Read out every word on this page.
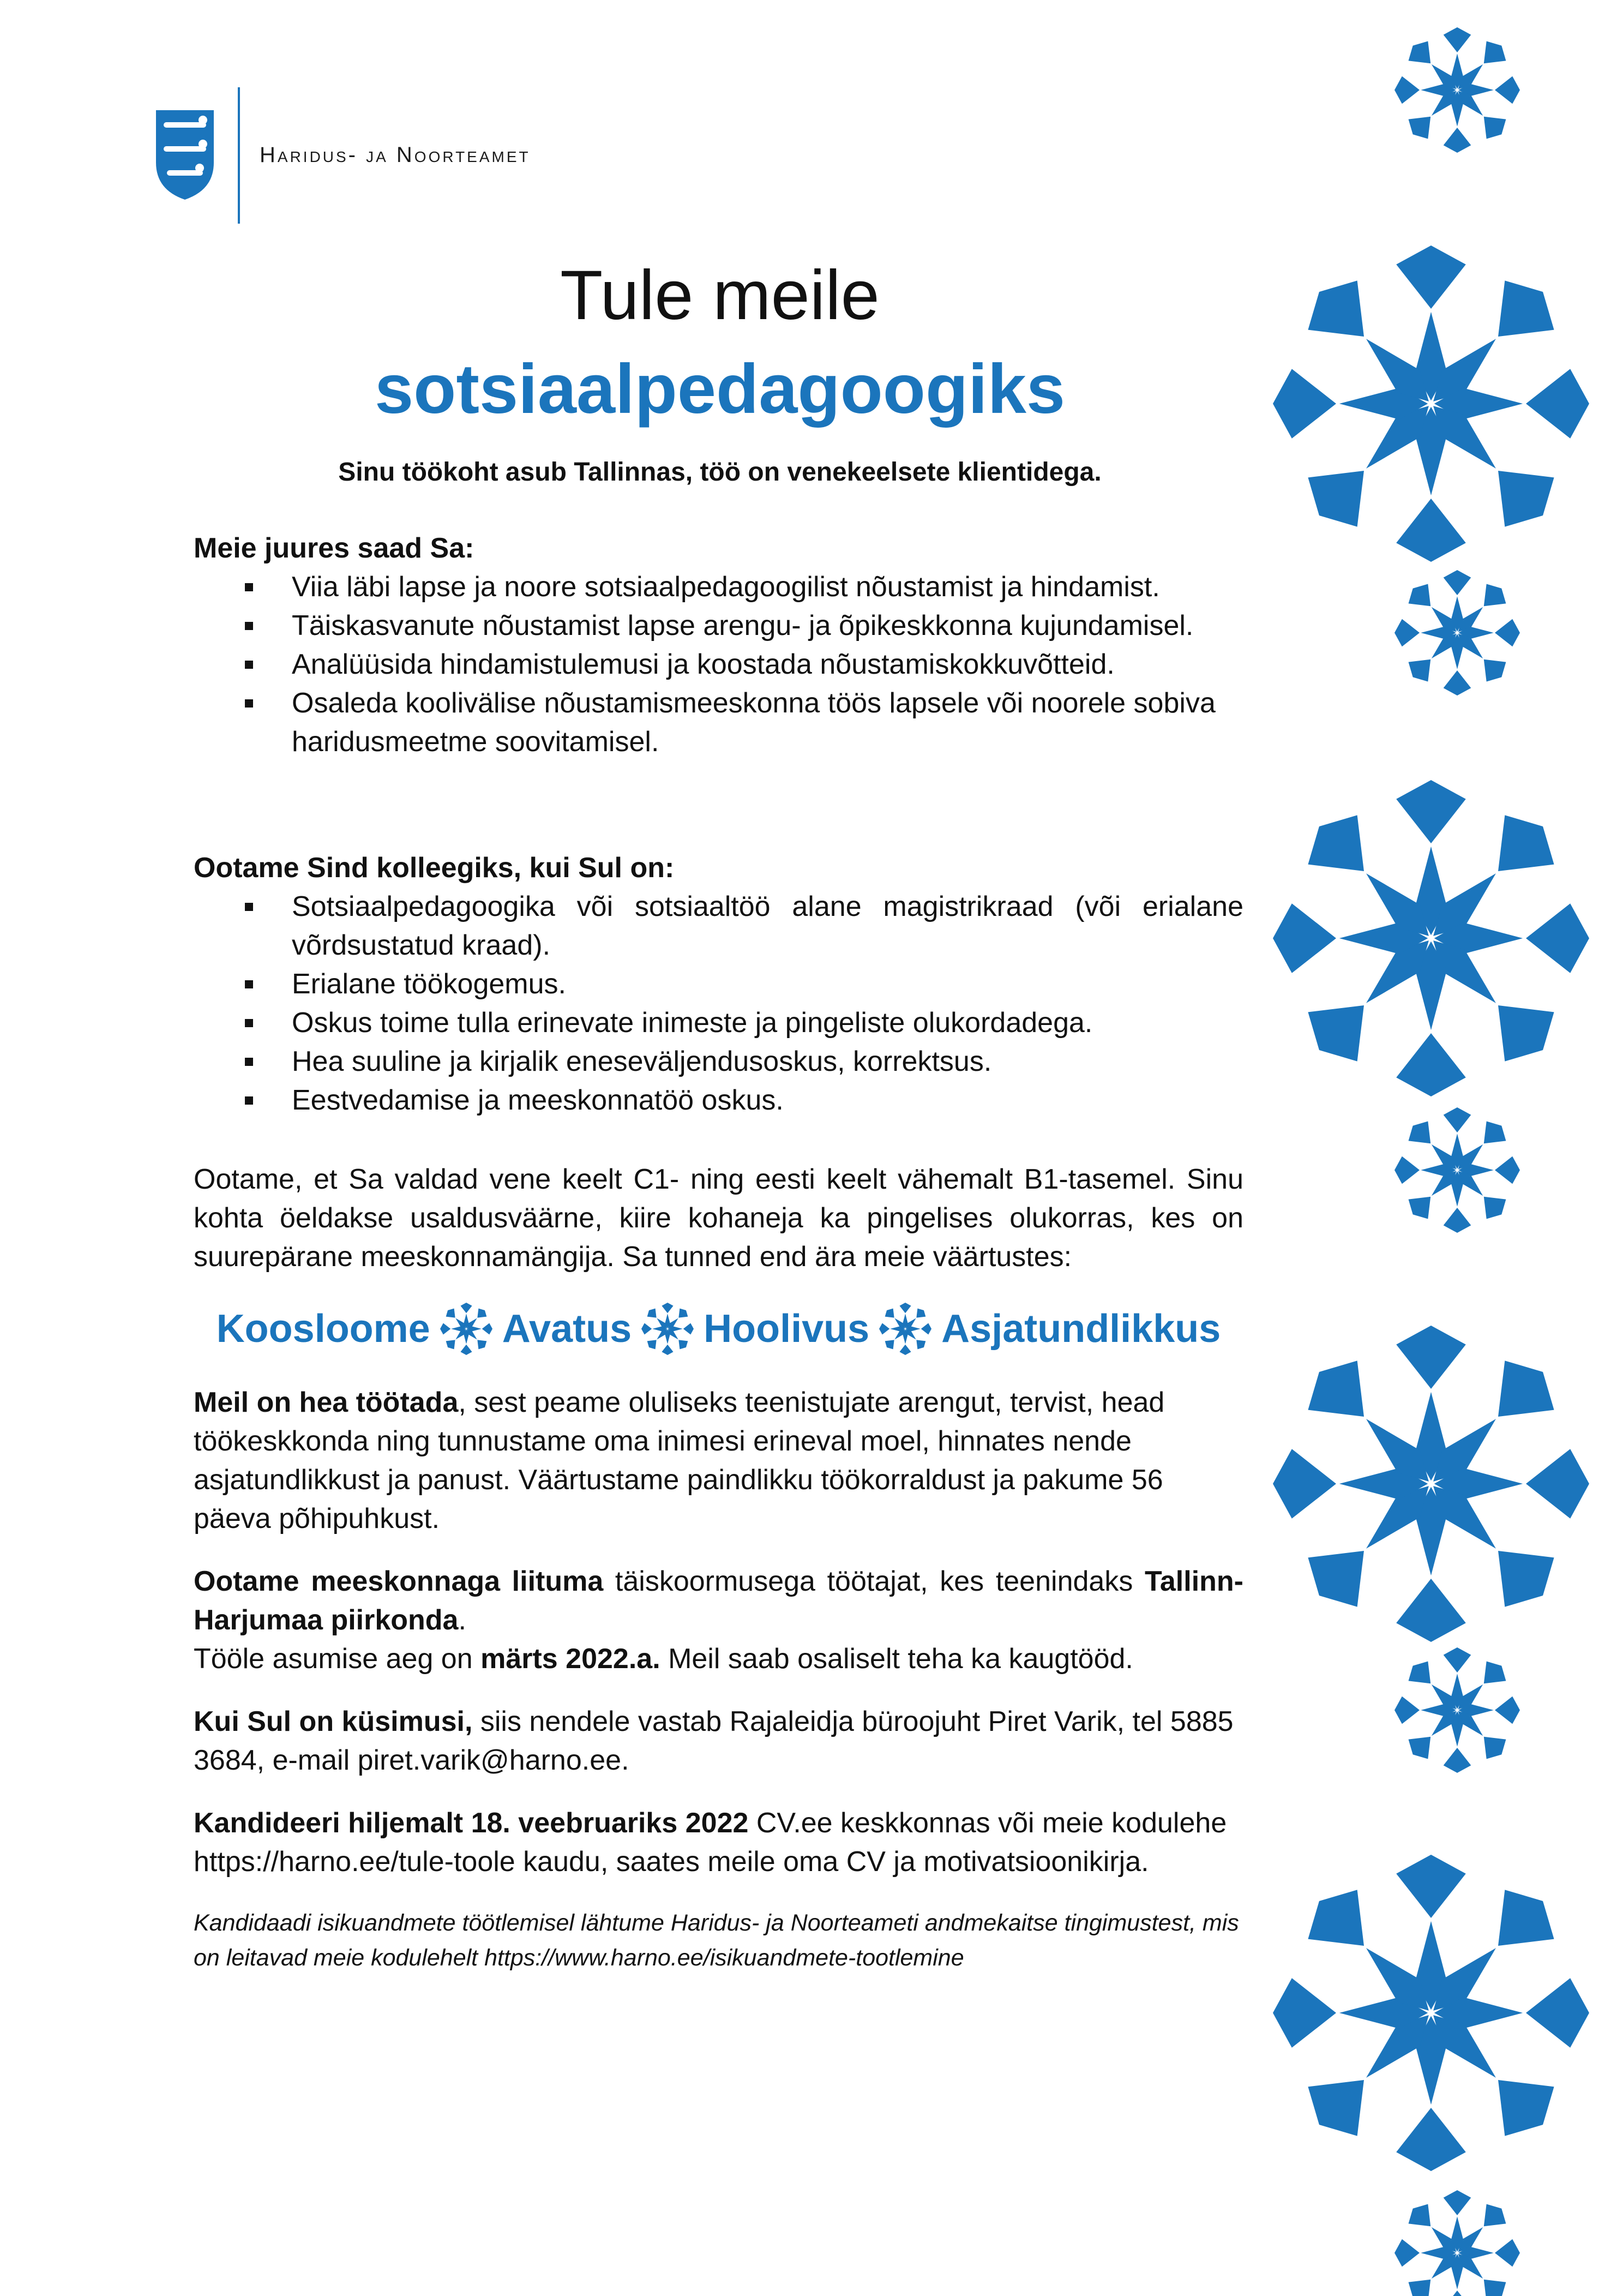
Haridus- ja Noorteamet
Tule meile
sotsiaalpedagoogiks
Sinu töökoht asub Tallinnas, töö on venekeelsete klientidega.

Meie juures saad Sa:

Viia läbi lapse ja noore sotsiaalpedagoogilist nõustamist ja hindamist.
Täiskasvanute nõustamist lapse arengu- ja õpikeskkonna kujundamisel.
Analüüsida hindamistulemusi ja koostada nõustamiskokkuvõtteid.
Osaleda koolivälise nõustamismeeskonna töös lapsele või noorele sobiva haridusmeetme soovitamisel.

Ootame Sind kolleegiks, kui Sul on:

Sotsiaalpedagoogika või sotsiaaltöö alane magistrikraad (või erialane võrdsustatud kraad).
Erialane töökogemus.
Oskus toime tulla erinevate inimeste ja pingeliste olukordadega.
Hea suuline ja kirjalik eneseväljendusoskus, korrektsus.
Eestvedamise ja meeskonnatöö oskus.

Ootame, et Sa valdad vene keelt C1- ning eesti keelt vähemalt B1-tasemel. Sinu kohta öeldakse usaldusväärne, kiire kohaneja ka pingelises olukorras, kes on suurepärane meeskonnamängija. Sa tunned end ära meie väärtustes:

Koosloome Avatus Hoolivus Asjatundlikkus

Meil on hea töötada, sest peame oluliseks teenistujate arengut, tervist, head töökeskkonda ning tunnustame oma inimesi erineval moel, hinnates nende asjatundlikkust ja panust. Väärtustame paindlikku töökorraldust ja pakume 56 päeva põhipuhkust.

Ootame meeskonnaga liituma täiskoormusega töötajat, kes teenindaks Tallinn-Harjumaa piirkonda.

Tööle asumise aeg on märts 2022.a. Meil saab osaliselt teha ka kaugtööd.

Kui Sul on küsimusi, siis nendele vastab Rajaleidja bürooj​uht Piret Varik, tel 5885 3684, e-mail piret.varik@harno.ee.

Kandideeri hiljemalt 18. veebruariks 2022 CV.ee keskkonnas või meie kodulehe https://harno.ee/tule-toole kaudu, saates meile oma CV ja motivatsioonikirja.

Kandidaadi isikuandmete töötlemisel lähtume Haridus- ja Noorteameti andmekaitse tingimustest, mis on leitavad meie kodulehelt https://www.harno.ee/isikuandmete-tootlemine
